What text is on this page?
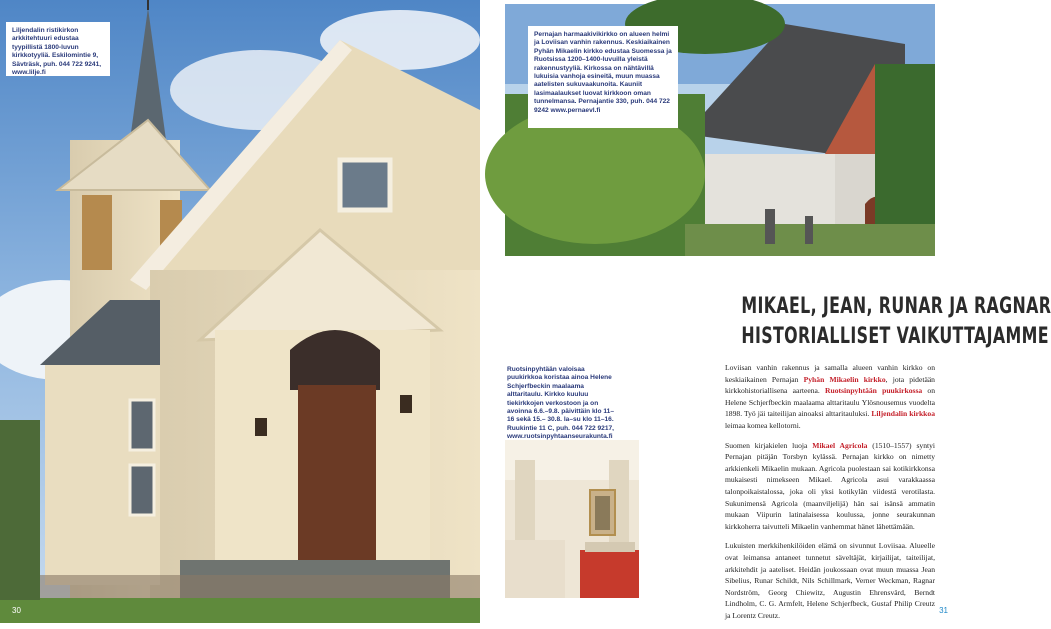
Liljendalin ristikirkon arkkitehtuuri edustaa tyypillistä 1800-luvun kirkkotyyliä. Eskilomintie 9, Sävträsk, puh. 044 722 9241, www.lilje.fi
30
Pernajan harmaakivikirkko on alueen helmi ja Loviisan vanhin rakennus. Keskiaikainen Pyhän Mikaelin kirkko edustaa Suomessa ja Ruotsissa 1200–1400-luvuilla yleistä rakennustyyliä. Kirkossa on nähtävillä lukuisia vanhoja esineitä, muun muassa aatelisten sukuvaakunoita. Kauniit lasimaalaukset luovat kirkkoon oman tunnelmansa. Pernajantie 330, puh. 044 722 9242 www.pernaevl.fi
Ruotsinpyhtään valoisaa puukirkkoa koristaa ainoa Helene Schjerfbeckin maalaama alttaritaulu. Kirkko kuuluu tiekirkkojen verkostoon ja on avoinna 6.6.–9.8. päivittäin klo 11–16 sekä 15.– 30.8. la–su klo 11–16. Ruukintie 11 C, puh. 044 722 9217, www.ruotsinpyhtaanseurakunta.fi
MIKAEL, JEAN, RUNAR JA RAGNAR
HISTORIALLISET VAIKUTTAJAMME

Loviisan vanhin rakennus ja samalla alueen vanhin kirkko on keskiaikainen Pernajan Pyhän Mikaelin kirkko, jota pidetään kirkkohistoriallisena aarteena. Ruotsinpyhtään puukirkossa on Helene Schjerfbeckin maalaama alttaritaulu Ylösnousemus vuodelta 1898. Työ jäi taiteilijan ainoaksi alttaritauluksi. Liljendalin kirkkoa leimaa komea kellotorni.

Suomen kirjakielen luoja Mikael Agricola (1510–1557) syntyi Pernajan pitäjän Torsbyn kylässä. Pernajan kirkko on nimetty arkkienkeli Mikaelin mukaan. Agricola puolestaan sai kotikirkkonsa mukaisesti nimekseen Mikael. Agricola asui varakkaassa talonpoikaistalossa, joka oli yksi kotikylän viidestä verotilasta. Sukunimensä Agricola (maanviljelijä) hän sai isänsä ammatin mukaan Viipurin latinalaisessa koulussa, jonne seurakunnan kirkkoherra taivutteli Mikaelin vanhemmat hänet lähettämään.

Lukuisten merkkihenkilöiden elämä on sivunnut Loviisaa. Alueelle ovat leimansa antaneet tunnetut säveltäjät, kirjailijat, taiteilijat, arkkitehdit ja aateliset. Heidän joukossaan ovat muun muassa Jean Sibelius, Runar Schildt, Nils Schillmark, Verner Weckman, Ragnar Nordström, Georg Chiewitz, Augustin Ehrensvärd, Berndt Lindholm, C. G. Armfelt, Helene Schjerfbeck, Gustaf Philip Creutz ja Lorentz Creutz.

31
